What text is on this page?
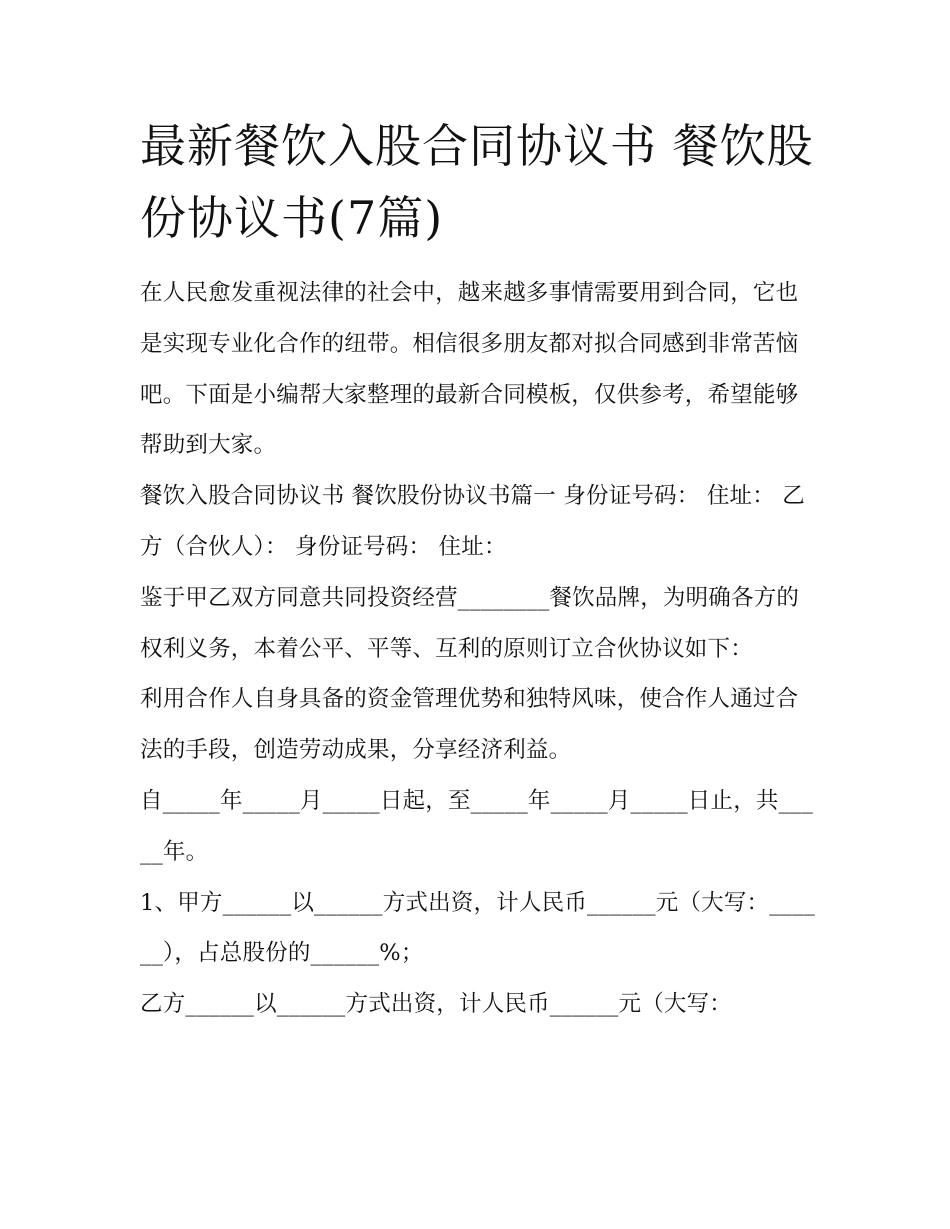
最新餐饮入股合同协议书 餐饮股份协议书(7篇)

在人民愈发重视法律的社会中，越来越多事情需要用到合同，它也是实现专业化合作的纽带。相信很多朋友都对拟合同感到非常苦恼吧。下面是小编帮大家整理的最新合同模板，仅供参考，希望能够帮助到大家。

餐饮入股合同协议书 餐饮股份协议书篇一 身份证号码： 住址： 乙方（合伙人）： 身份证号码： 住址：

鉴于甲乙双方同意共同投资经营________餐饮品牌，为明确各方的权利义务，本着公平、平等、互利的原则订立合伙协议如下：

利用合作人自身具备的资金管理优势和独特风味，使合作人通过合法的手段，创造劳动成果，分享经济利益。

自_____年_____月_____日起，至_____年_____月_____日止，共_____年。

1、甲方______以______方式出资，计人民币______元（大写：______），占总股份的______%；

乙方______以______方式出资，计人民币______元（大写：
